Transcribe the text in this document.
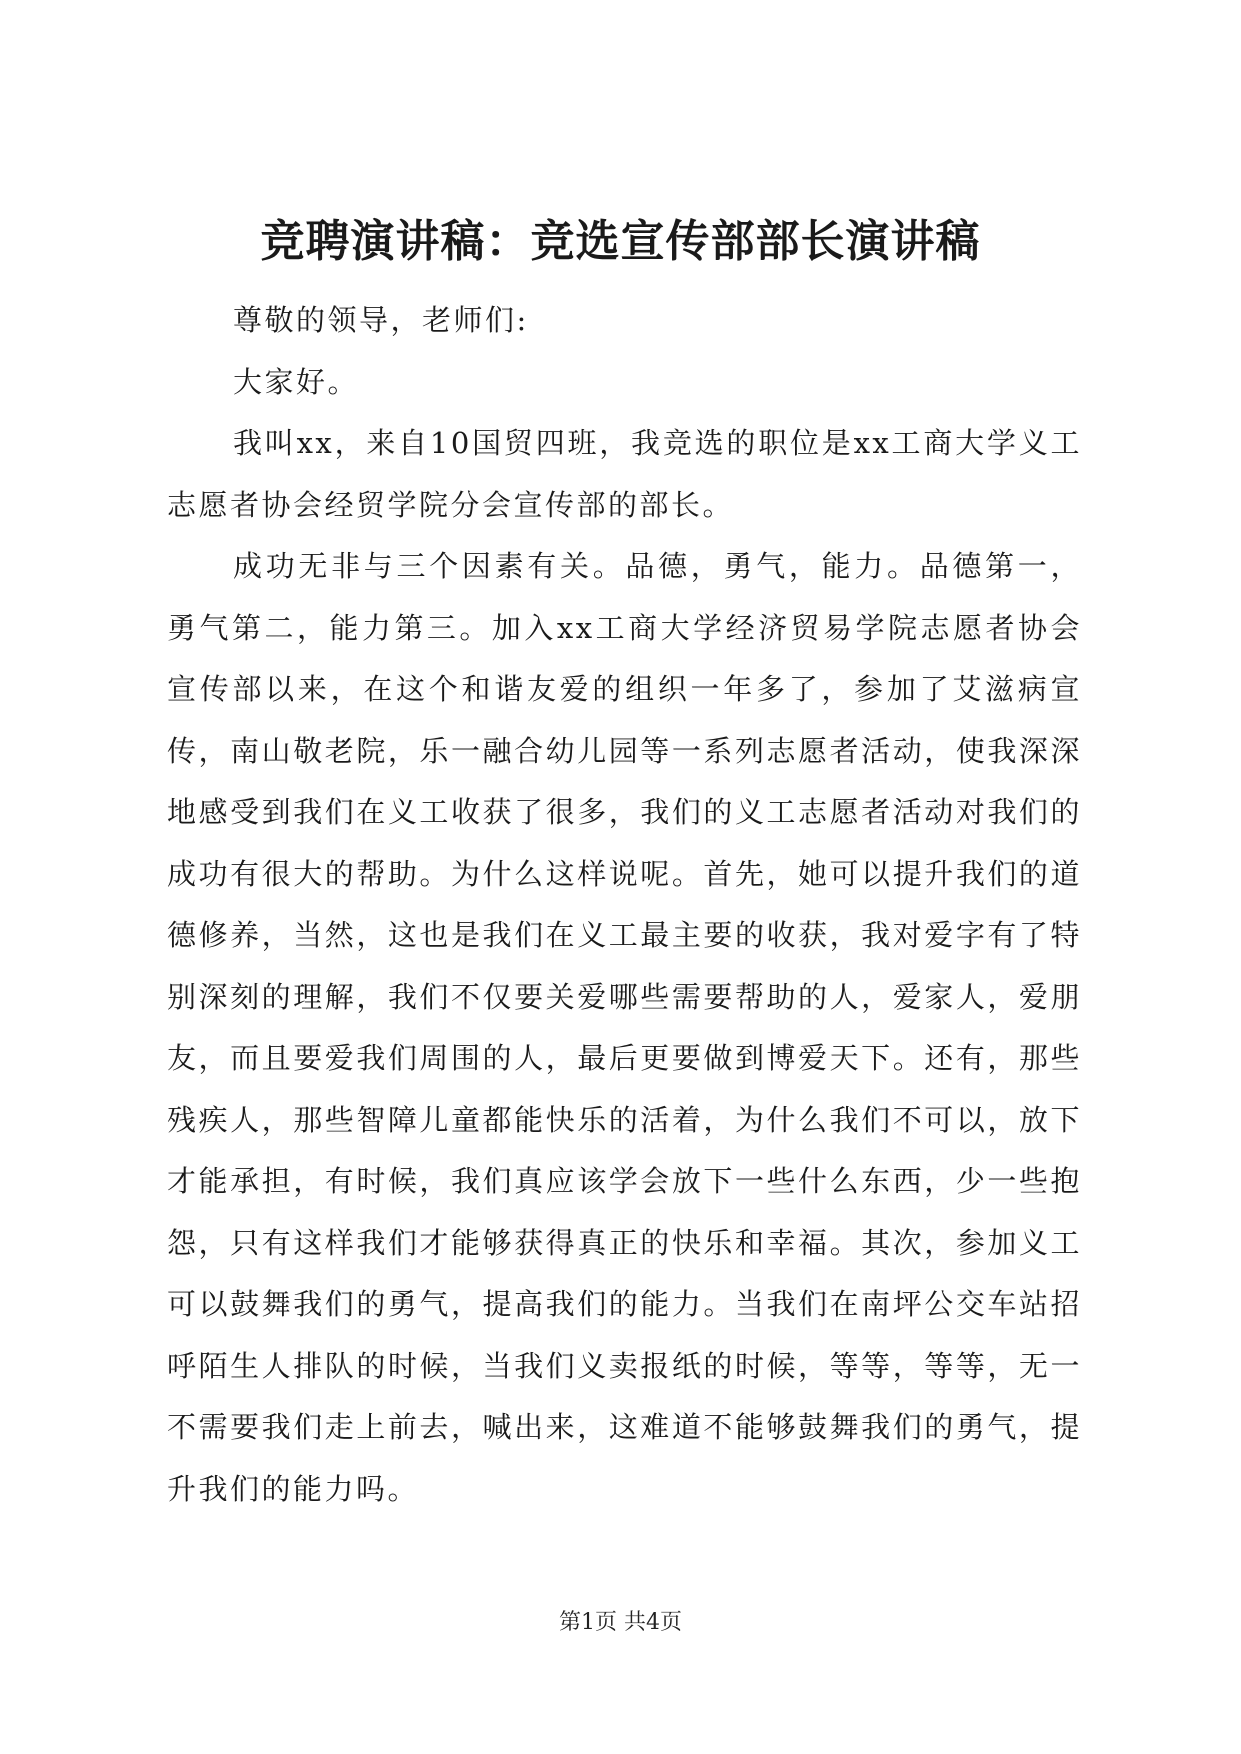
竞聘演讲稿：竞选宣传部部长演讲稿

尊敬的领导，老师们:

大家好。

我叫xx，来自10国贸四班，我竞选的职位是xx工商大学义工志愿者协会经贸学院分会宣传部的部长。

成功无非与三个因素有关。品德，勇气，能力。品德第一，勇气第二，能力第三。加入xx工商大学经济贸易学院志愿者协会宣传部以来，在这个和谐友爱的组织一年多了，参加了艾滋病宣传，南山敬老院，乐一融合幼儿园等一系列志愿者活动，使我深深地感受到我们在义工收获了很多，我们的义工志愿者活动对我们的成功有很大的帮助。为什么这样说呢。首先，她可以提升我们的道德修养，当然，这也是我们在义工最主要的收获，我对爱字有了特别深刻的理解，我们不仅要关爱哪些需要帮助的人，爱家人，爱朋友，而且要爱我们周围的人，最后更要做到博爱天下。还有，那些残疾人，那些智障儿童都能快乐的活着，为什么我们不可以，放下才能承担，有时候，我们真应该学会放下一些什么东西，少一些抱怨，只有这样我们才能够获得真正的快乐和幸福。其次，参加义工可以鼓舞我们的勇气，提高我们的能力。当我们在南坪公交车站招呼陌生人排队的时候，当我们义卖报纸的时候，等等，等等，无一不需要我们走上前去，喊出来，这难道不能够鼓舞我们的勇气，提升我们的能力吗。

第1页 共4页
